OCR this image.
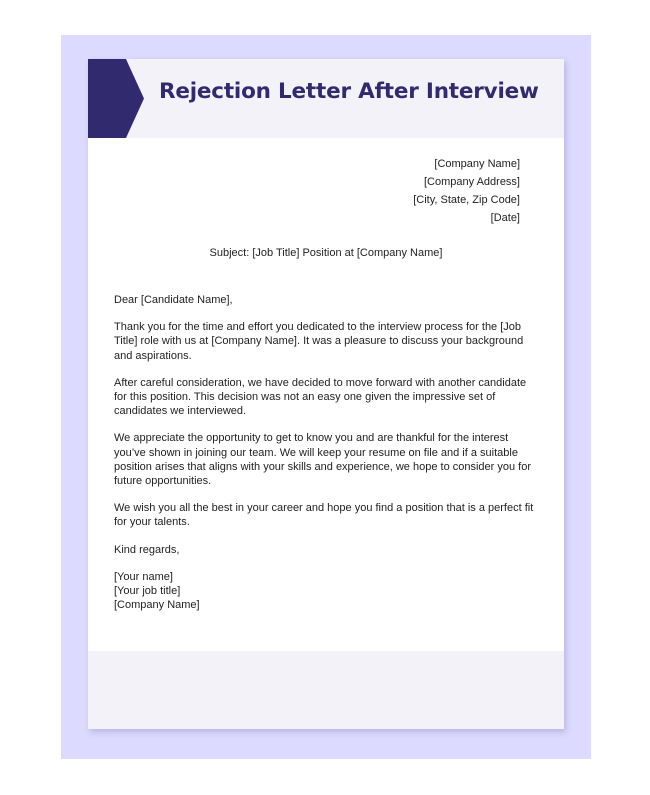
Rejection Letter After Interview
[Company Name]
[Company Address]
[City, State, Zip Code]
[Date]
Subject: [Job Title] Position at [Company Name]

Dear [Candidate Name],

Thank you for the time and effort you dedicated to the interview process for the [Job Title] role with us at [Company Name]. It was a pleasure to discuss your background and aspirations.

After careful consideration, we have decided to move forward with another candidate for this position. This decision was not an easy one given the impressive set of candidates we interviewed.

We appreciate the opportunity to get to know you and are thankful for the interest you’ve shown in joining our team. We will keep your resume on file and if a suitable position arises that aligns with your skills and experience, we hope to consider you for future opportunities.

We wish you all the best in your career and hope you find a position that is a perfect fit for your talents.

Kind regards,

[Your name]
[Your job title]
[Company Name]
